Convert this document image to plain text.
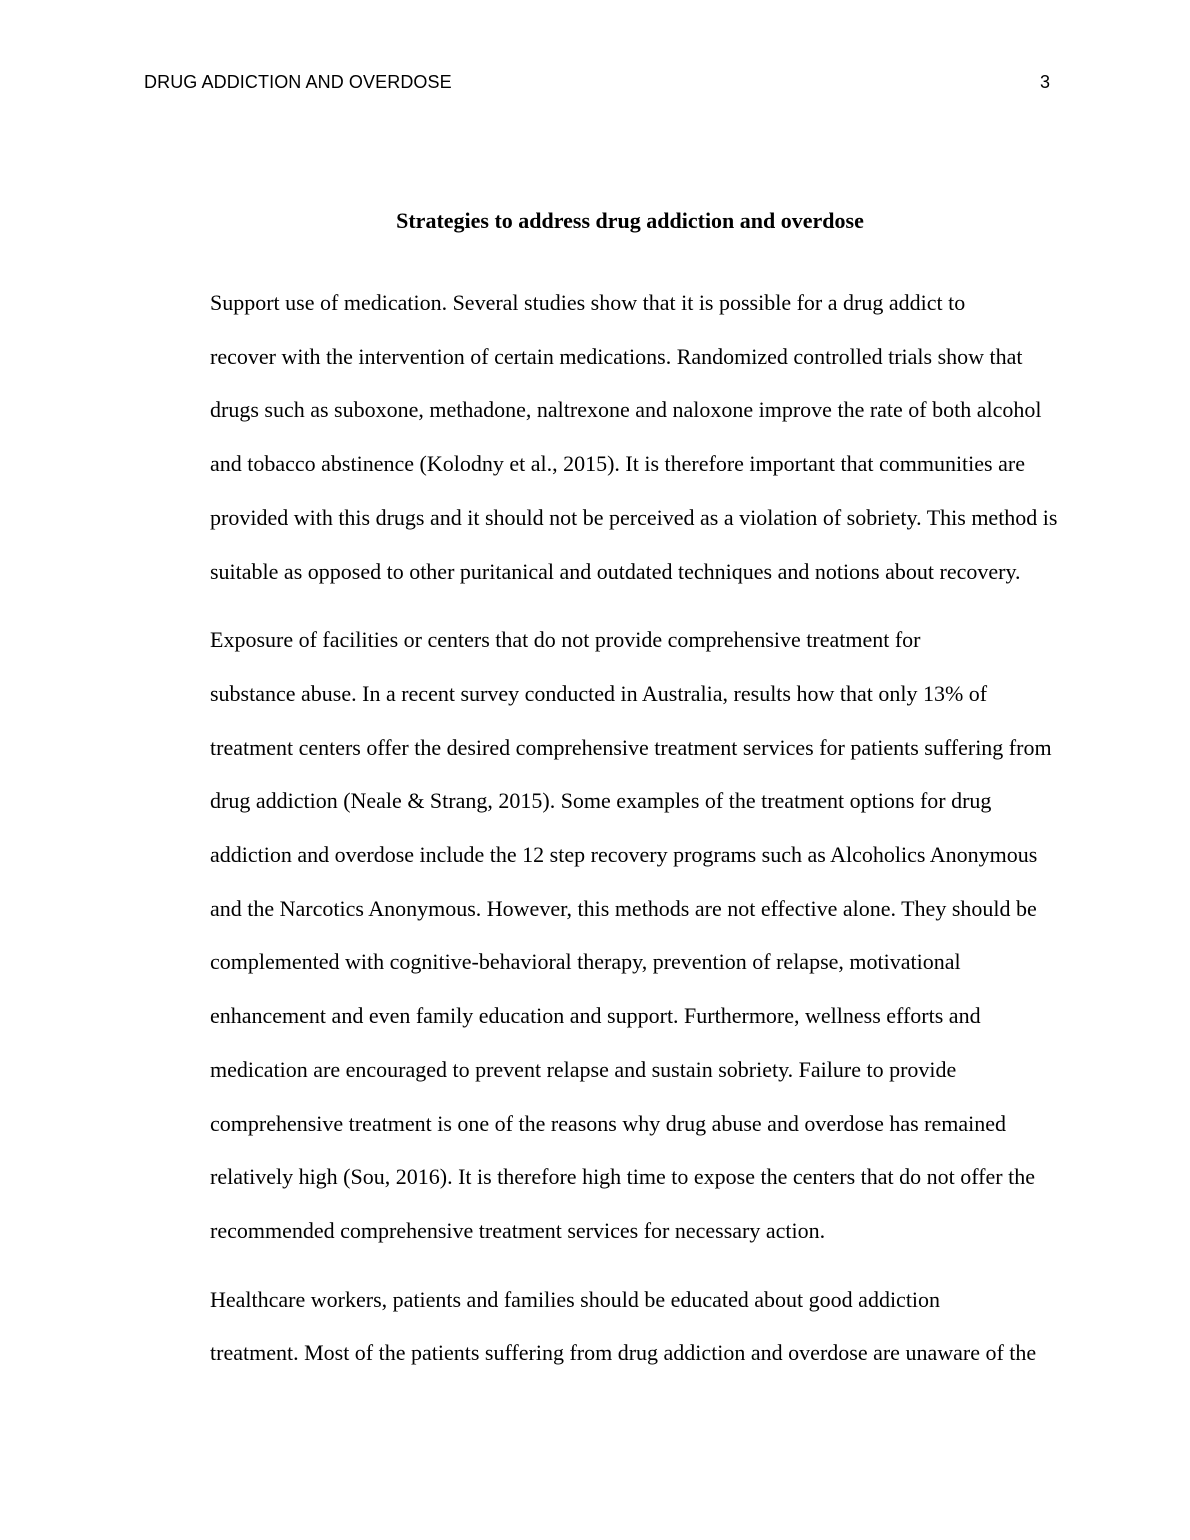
DRUG ADDICTION AND OVERDOSE	3
Strategies to address drug addiction and overdose

Support use of medication. Several studies show that it is possible for a drug addict to
recover with the intervention of certain medications. Randomized controlled trials show that
drugs such as suboxone, methadone, naltrexone and naloxone improve the rate of both alcohol
and tobacco abstinence (Kolodny et al., 2015). It is therefore important that communities are
provided with this drugs and it should not be perceived as a violation of sobriety. This method is
suitable as opposed to other puritanical and outdated techniques and notions about recovery.

Exposure of facilities or centers that do not provide comprehensive treatment for
substance abuse. In a recent survey conducted in Australia, results how that only 13% of
treatment centers offer the desired comprehensive treatment services for patients suffering from
drug addiction (Neale & Strang, 2015). Some examples of the treatment options for drug
addiction and overdose include the 12 step recovery programs such as Alcoholics Anonymous
and the Narcotics Anonymous. However, this methods are not effective alone. They should be
complemented with cognitive-behavioral therapy, prevention of relapse, motivational
enhancement and even family education and support. Furthermore, wellness efforts and
medication are encouraged to prevent relapse and sustain sobriety. Failure to provide
comprehensive treatment is one of the reasons why drug abuse and overdose has remained
relatively high (Sou, 2016). It is therefore high time to expose the centers that do not offer the
recommended comprehensive treatment services for necessary action.

Healthcare workers, patients and families should be educated about good addiction
treatment. Most of the patients suffering from drug addiction and overdose are unaware of the
